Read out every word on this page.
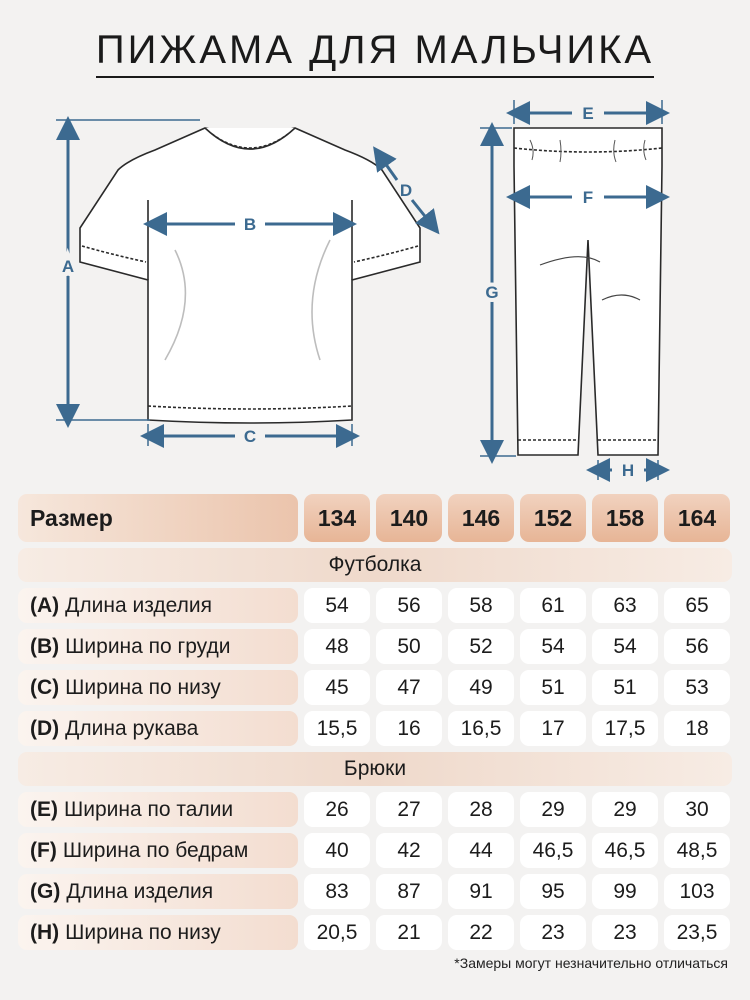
ПИЖАМА ДЛЯ МАЛЬЧИКА
A
B
C
D
E
F
G
H
Размер	134	140	146	152	158	164
Футболка
(A) Длина изделия	54	56	58	61	63	65
(B) Ширина по груди	48	50	52	54	54	56
(C) Ширина по низу	45	47	49	51	51	53
(D) Длина рукава	15,5	16	16,5	17	17,5	18
Брюки
(E) Ширина по талии	26	27	28	29	29	30
(F) Ширина по бедрам	40	42	44	46,5	46,5	48,5
(G) Длина изделия	83	87	91	95	99	103
(H) Ширина по низу	20,5	21	22	23	23	23,5
*Замеры могут незначительно отличаться
